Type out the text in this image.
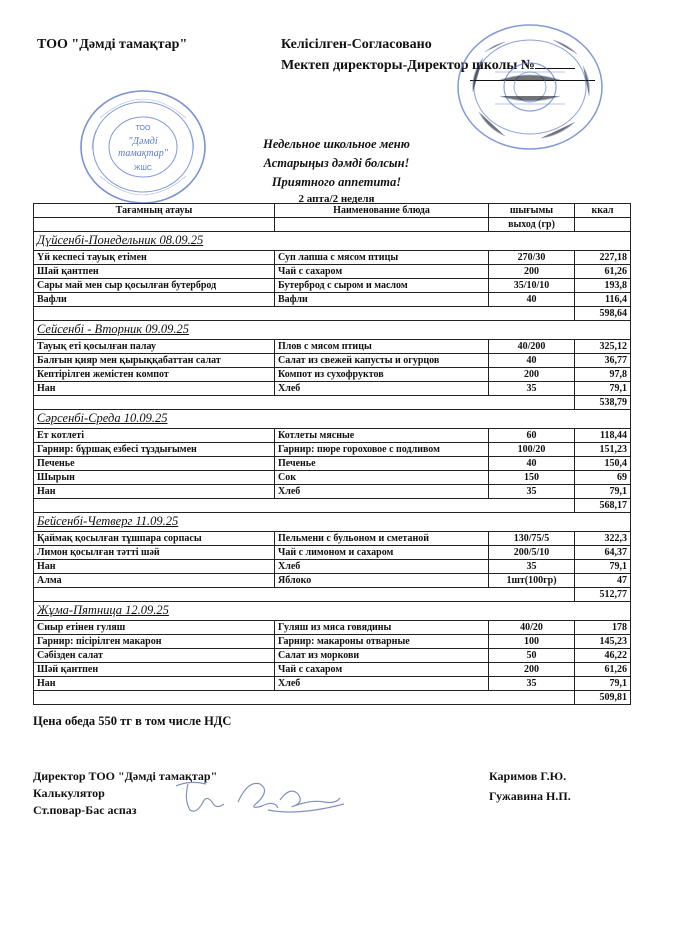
ТОО "Дәмді тамақтар"	Келісілген-Согласовано
Мектеп директоры-Директор школы №
ТОО
"Дәмді
тамақтар"
ЖШС
Недельное школьное меню
Астарыңыз дәмді болсын!
Приятного аппетита!
2 апта/2 неделя
Тағамның атауы	Наименование блюда	шығымы	ккал
		выход (гр)	
Дүйсенбі-Понедельник 08.09.25			
Үй кеспесі тауық етімен	Суп лапша с мясом птицы	270/30	227,18
Шай қантпен	Чай с сахаром	200	61,26
Сары май мен сыр қосылған бутерброд	Бутерброд с сыром и маслом	35/10/10	193,8
Вафли	Вафли	40	116,4
			598,64
Сейсенбі - Вторник 09.09.25			
Тауық еті қосылған палау	Плов с мясом птицы	40/200	325,12
Балғын қияр мен қырыққабаттан салат	Салат из свежей капусты и огурцов	40	36,77
Кептірілген жемістен компот	Компот из сухофруктов	200	97,8
Нан	Хлеб	35	79,1
			538,79
Сәрсенбі-Среда 10.09.25			
Ет котлеті	Котлеты мясные	60	118,44
Гарнир: бұршақ езбесі тұздығымен	Гарнир: пюре гороховое с подливом	100/20	151,23
Печенье	Печенье	40	150,4
Шырын	Сок	150	69
Нан	Хлеб	35	79,1
			568,17
Бейсенбі-Четверг 11.09.25			
Қаймақ қосылған тұшпара сорпасы	Пельмени с бульоном и сметаной	130/75/5	322,3
Лимон қосылған тәтті шәй	Чай с лимоном и сахаром	200/5/10	64,37
Нан	Хлеб	35	79,1
Алма	Яблоко	1шт(100гр)	47
			512,77
Жұма-Пятница 12.09.25			
Сиыр етінен гуляш	Гуляш из мяса говядины	40/20	178
Гарнир: пісірілген макарон	Гарнир: макароны отварные	100	145,23
Сәбізден салат	Салат из моркови	50	46,22
Шәй қантпен	Чай с сахаром	200	61,26
Нан	Хлеб	35	79,1
			509,81
Цена обеда 550 тг в том числе НДС
Директор ТОО "Дәмді тамақтар"	Каримов Г.Ю.
Калькулятор	Гужавина Н.П.
Ст.повар-Бас аспаз
